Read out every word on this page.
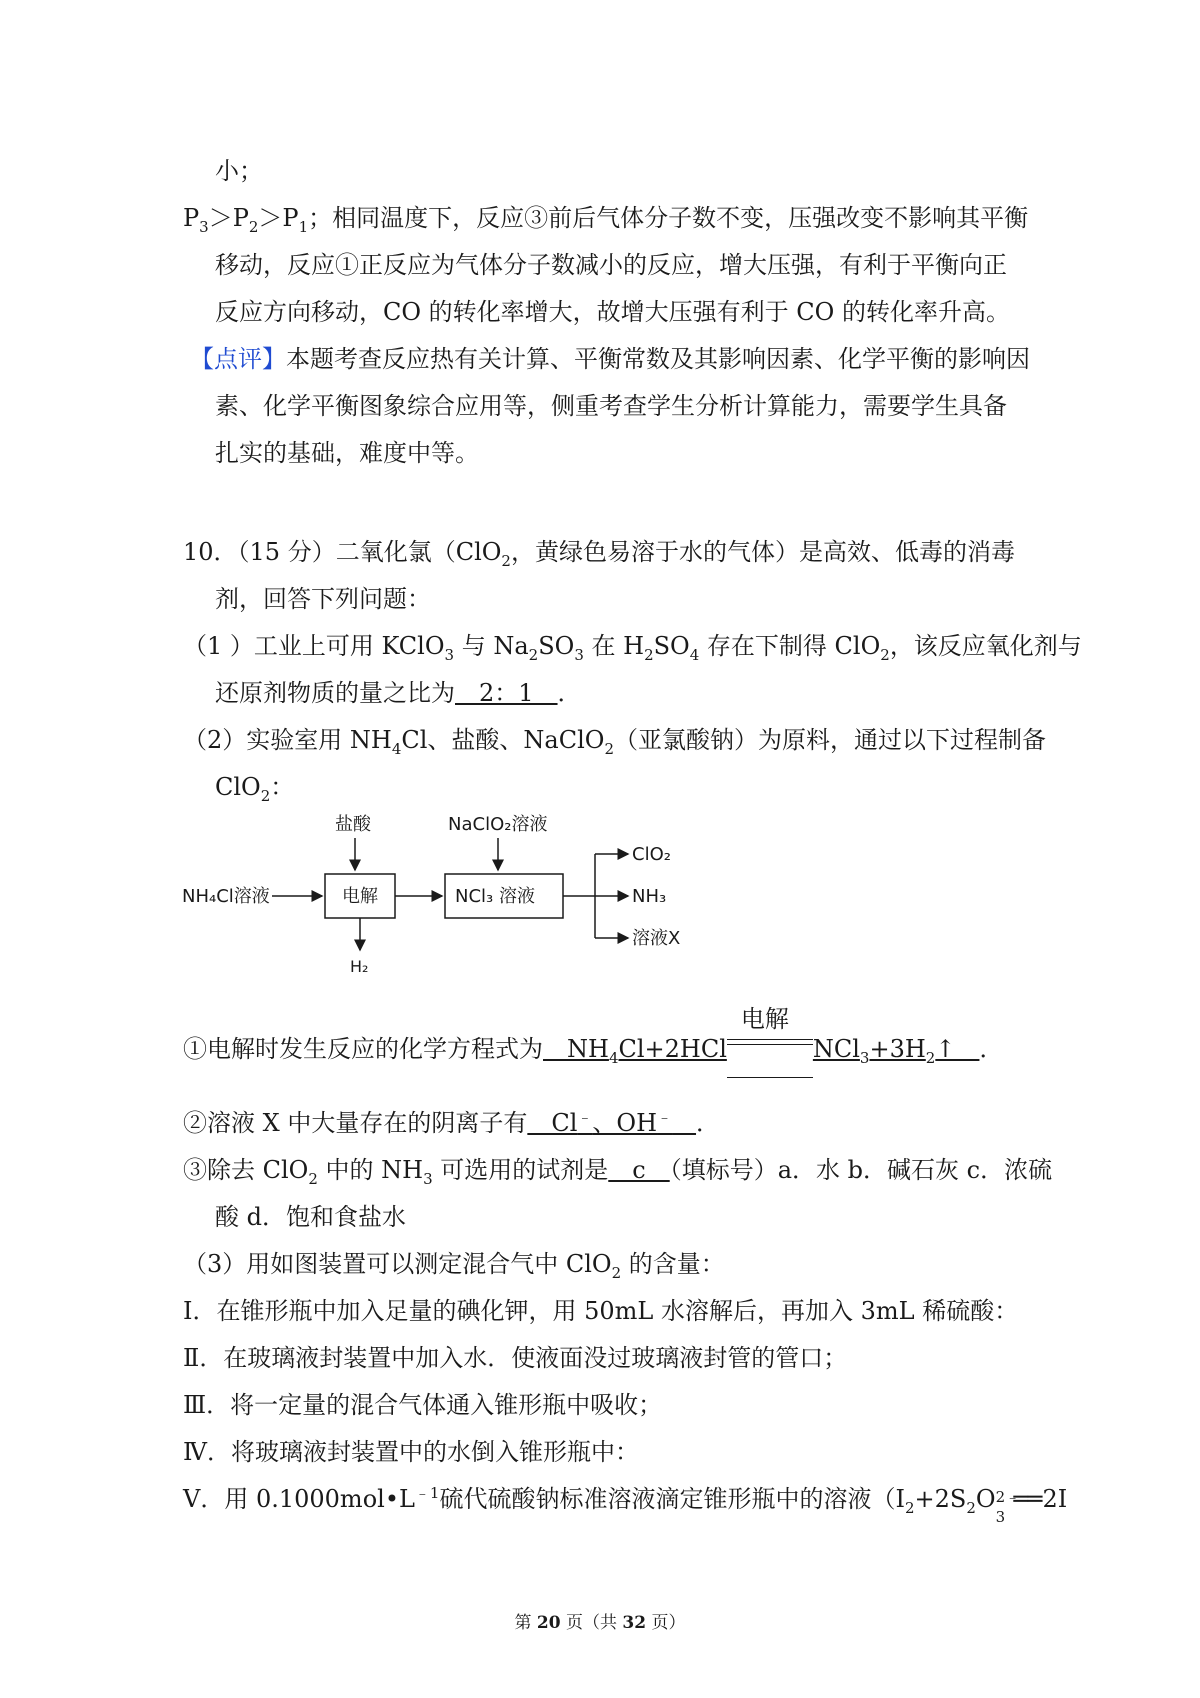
小；
$P_3>P_2>P_1$；相同温度下，反应③前后气体分子数不变，压强改变不影响其平衡
移动，反应①正反应为气体分子数减小的反应，增大压强，有利于平衡向正
反应方向移动，CO 的转化率增大，故增大压强有利于 CO 的转化率升高。
【点评】本题考查反应热有关计算、平衡常数及其影响因素、化学平衡的影响因
素、化学平衡图象综合应用等，侧重考查学生分析计算能力，需要学生具备
扎实的基础，难度中等。
10．（15 分）二氧化氯（ClO$_2$，黄绿色易溶于水的气体）是高效、低毒的消毒
剂，回答下列问题：
（1 ）工业上可用 KClO$_3$ 与 $Na_2SO_3$ 在 $H_2SO_4$ 存在下制得 ClO$_2$，该反应氧化剂与
还原剂物质的量之比为　2：1　．
（2）实验室用 $NH_4Cl$、盐酸、NaClO$_2$（亚氯酸钠）为原料，通过以下过程制备
ClO$_2$：
NH₄Cl溶液
盐酸
电解
H₂
NaClO₂溶液
NCl₃ 溶液
ClO₂
NH₃
溶液X
①电解时发生反应的化学方程式为　$NH_4Cl+2HCl$
电解
$NCl_3+3H_2↑$　．
②溶液 X 中大量存在的阴离子有　Cl﹣、OH﹣　 ．
③除去 ClO$_2$ 中的 $NH_3$ 可选用的试剂是　c　（填标号）a．水 b．碱石灰 c．浓硫
酸 d．饱和食盐水
（3）用如图装置可以测定混合气中 ClO$_2$ 的含量：
Ⅰ．在锥形瓶中加入足量的碘化钾，用 50mL 水溶解后，再加入 3mL 稀硫酸：
Ⅱ．在玻璃液封装置中加入水．使液面没过玻璃液封管的管口；
Ⅲ．将一定量的混合气体通入锥形瓶中吸收；
Ⅳ．将玻璃液封装置中的水倒入锥形瓶中：
Ⅴ．用 $0.1000mol•L^{﹣1}$硫代硫酸钠标准溶液滴定锥形瓶中的溶液（$I_2+2S_2O$ 2﹣
3
══2I
第 20 页（共 32 页）
